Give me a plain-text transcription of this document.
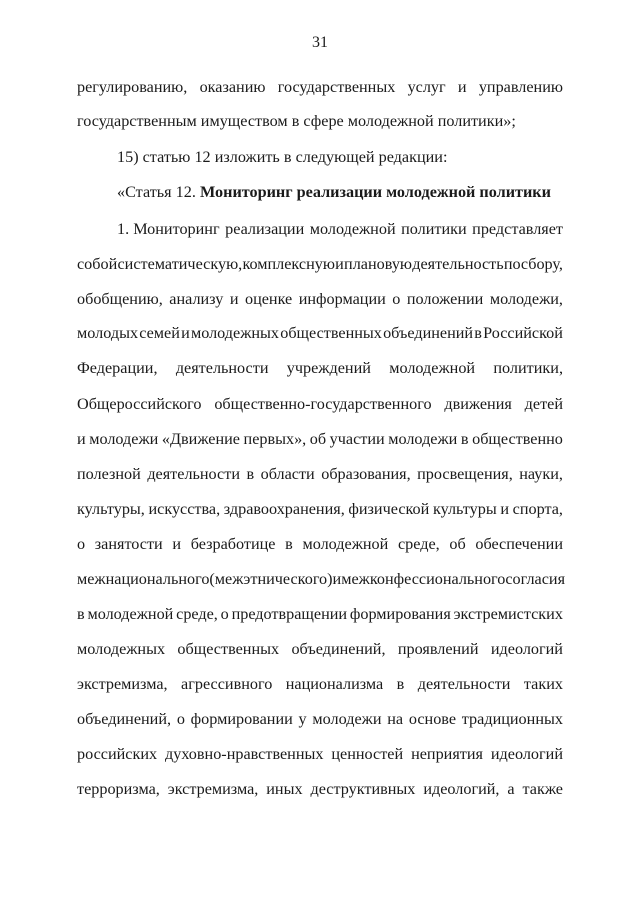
31
регулированию, оказанию государственных услуг и управлению
государственным имуществом в сфере молодежной политики»;
15) статью 12 изложить в следующей редакции:
«Статья 12. Мониторинг реализации молодежной политики
1. Мониторинг реализации молодежной политики представляет
собой систематическую, комплексную и плановую деятельность по сбору,
обобщению, анализу и оценке информации о положении молодежи,
молодых семей и молодежных общественных объединений в Российской
Федерации, деятельности учреждений молодежной политики,
Общероссийского общественно-государственного движения детей
и молодежи «Движение первых», об участии молодежи в общественно
полезной деятельности в области образования, просвещения, науки,
культуры, искусства, здравоохранения, физической культуры и спорта,
о занятости и безработице в молодежной среде, об обеспечении
межнационального (межэтнического) и межконфессионального согласия
в молодежной среде, о предотвращении формирования экстремистских
молодежных общественных объединений, проявлений идеологий
экстремизма, агрессивного национализма в деятельности таких
объединений, о формировании у молодежи на основе традиционных
российских духовно-нравственных ценностей неприятия идеологий
терроризма, экстремизма, иных деструктивных идеологий, а также
